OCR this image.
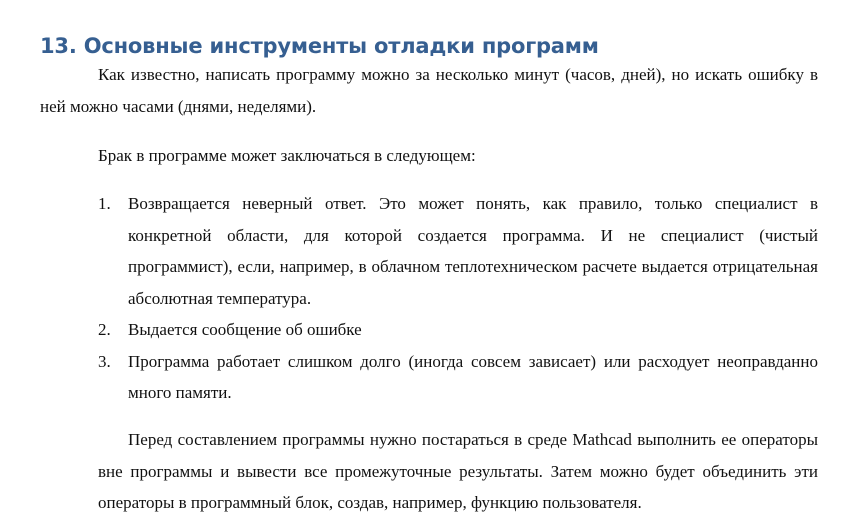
13. Основные инструменты отладки программ

Как известно, написать программу можно за несколько минут (часов, дней), но искать ошибку в ней можно часами (днями, неделями).

Брак в программе может заключаться в следующем:

1. Возвращается неверный ответ. Это может понять, как правило, только специалист в конкретной области, для которой создается программа. И не специалист (чистый программист), если, например, в облачном теплотехническом расчете выдается отрицательная абсолютная температура.
2. Выдается сообщение об ошибке
3. Программа работает слишком долго (иногда совсем зависает) или расходует неоправданно много памяти.

Перед составлением программы нужно постараться в среде Mathcad выполнить ее операторы вне программы и вывести все промежуточные результаты. Затем можно будет объединить эти операторы в программный блок, создав, например, функцию пользователя.
